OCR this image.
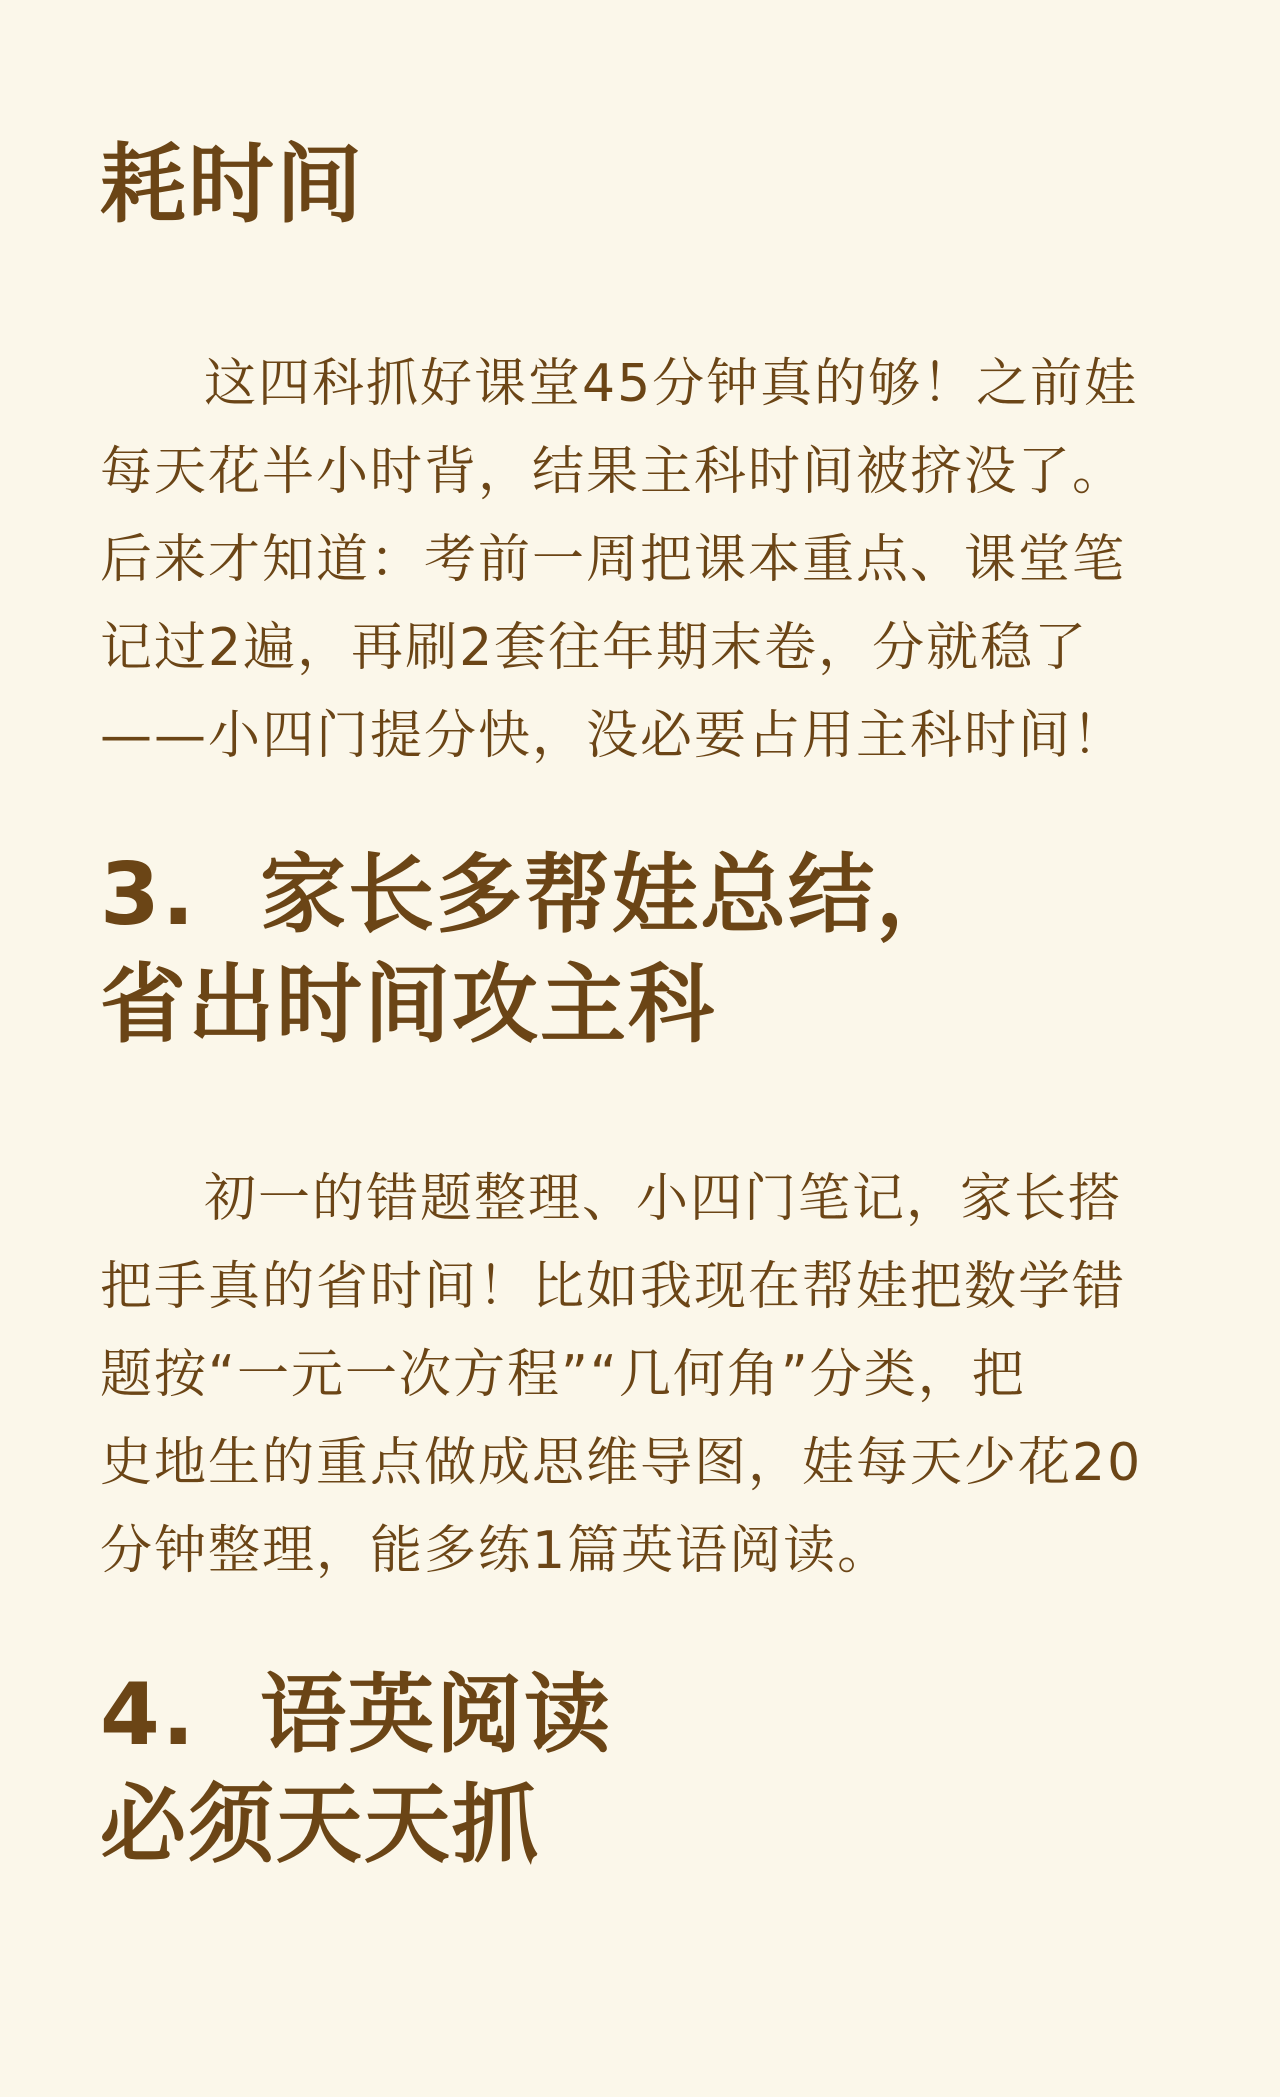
耗时间
这四科抓好课堂45分钟真的够！之前娃
每天花半小时背，结果主科时间被挤没了。
后来才知道：考前一周把课本重点、课堂笔
记过2遍，再刷2套往年期末卷，分就稳了
——小四门提分快，没必要占用主科时间！
3. 家长多帮娃总结，
省出时间攻主科
初一的错题整理、小四门笔记，家长搭
把手真的省时间！比如我现在帮娃把数学错
题按“一元一次方程”“几何角”分类，把
史地生的重点做成思维导图，娃每天少花20
分钟整理，能多练1篇英语阅读。
4. 语英阅读
必须天天抓
